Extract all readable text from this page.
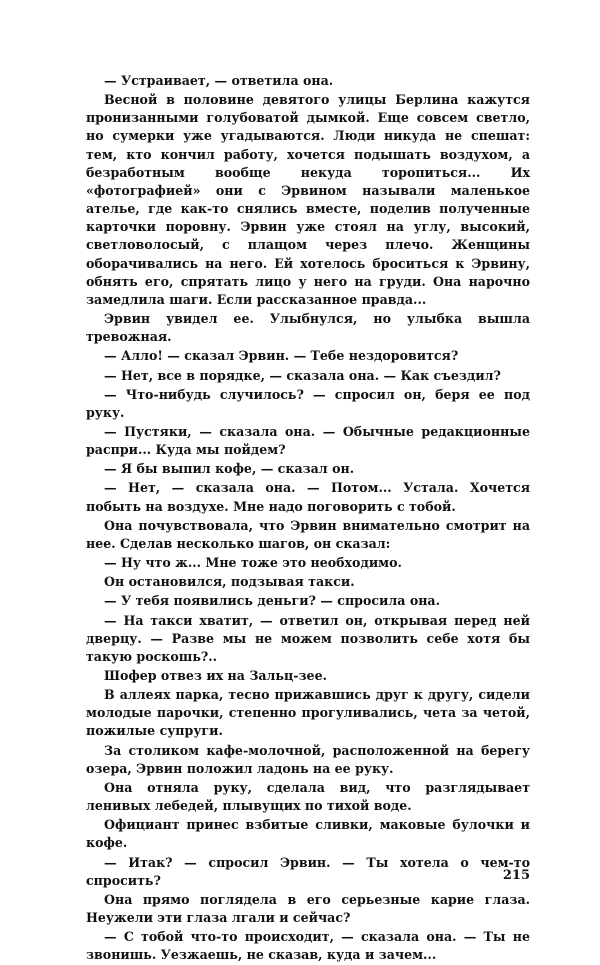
— Устраивает, — ответила она.

Весной в половине девятого улицы Берлина кажутся пронизанными голубоватой дымкой. Еще совсем светло, но сумерки уже угадываются. Люди никуда не спешат: тем, кто кончил работу, хочется подышать воздухом, а безработным вообще некуда торопиться... Их «фотографией» они с Эрвином называли маленькое ателье, где как-то снялись вместе, поделив полученные карточки поровну. Эрвин уже стоял на углу, высокий, светловолосый, с плащом через плечо. Женщины оборачивались на него. Ей хотелось броситься к Эрвину, обнять его, спрятать лицо у него на груди. Она нарочно замедлила шаги. Если рассказанное правда...

Эрвин увидел ее. Улыбнулся, но улыбка вышла тревожная.

— Алло! — сказал Эрвин. — Тебе нездоровится?

— Нет, все в порядке, — сказала она. — Как съездил?

— Что-нибудь случилось? — спросил он, беря ее под руку.

— Пустяки, — сказала она. — Обычные редакционные распри... Куда мы пойдем?

— Я бы выпил кофе, — сказал он.

— Нет, — сказала она. — Потом... Устала. Хочется побыть на воздухе. Мне надо поговорить с тобой.

Она почувствовала, что Эрвин внимательно смотрит на нее. Сделав несколько шагов, он сказал:

— Ну что ж... Мне тоже это необходимо.

Он остановился, подзывая такси.

— У тебя появились деньги? — спросила она.

— На такси хватит, — ответил он, открывая перед ней дверцу. — Разве мы не можем позволить себе хотя бы такую роскошь?..

Шофер отвез их на Зальц-зее.

В аллеях парка, тесно прижавшись друг к другу, сидели молодые парочки, степенно прогуливались, чета за четой, пожилые супруги.

За столиком кафе-молочной, расположенной на берегу озера, Эрвин положил ладонь на ее руку.

Она отняла руку, сделала вид, что разглядывает ленивых лебедей, плывущих по тихой воде.

Официант принес взбитые сливки, маковые булочки и кофе.

— Итак? — спросил Эрвин. — Ты хотела о чем-то спросить?

Она прямо поглядела в его серьезные карие глаза. Неужели эти глаза лгали и сейчас?

— С тобой что-то происходит, — сказала она. — Ты не звонишь. Уезжаешь, не сказав, куда и зачем...

215
